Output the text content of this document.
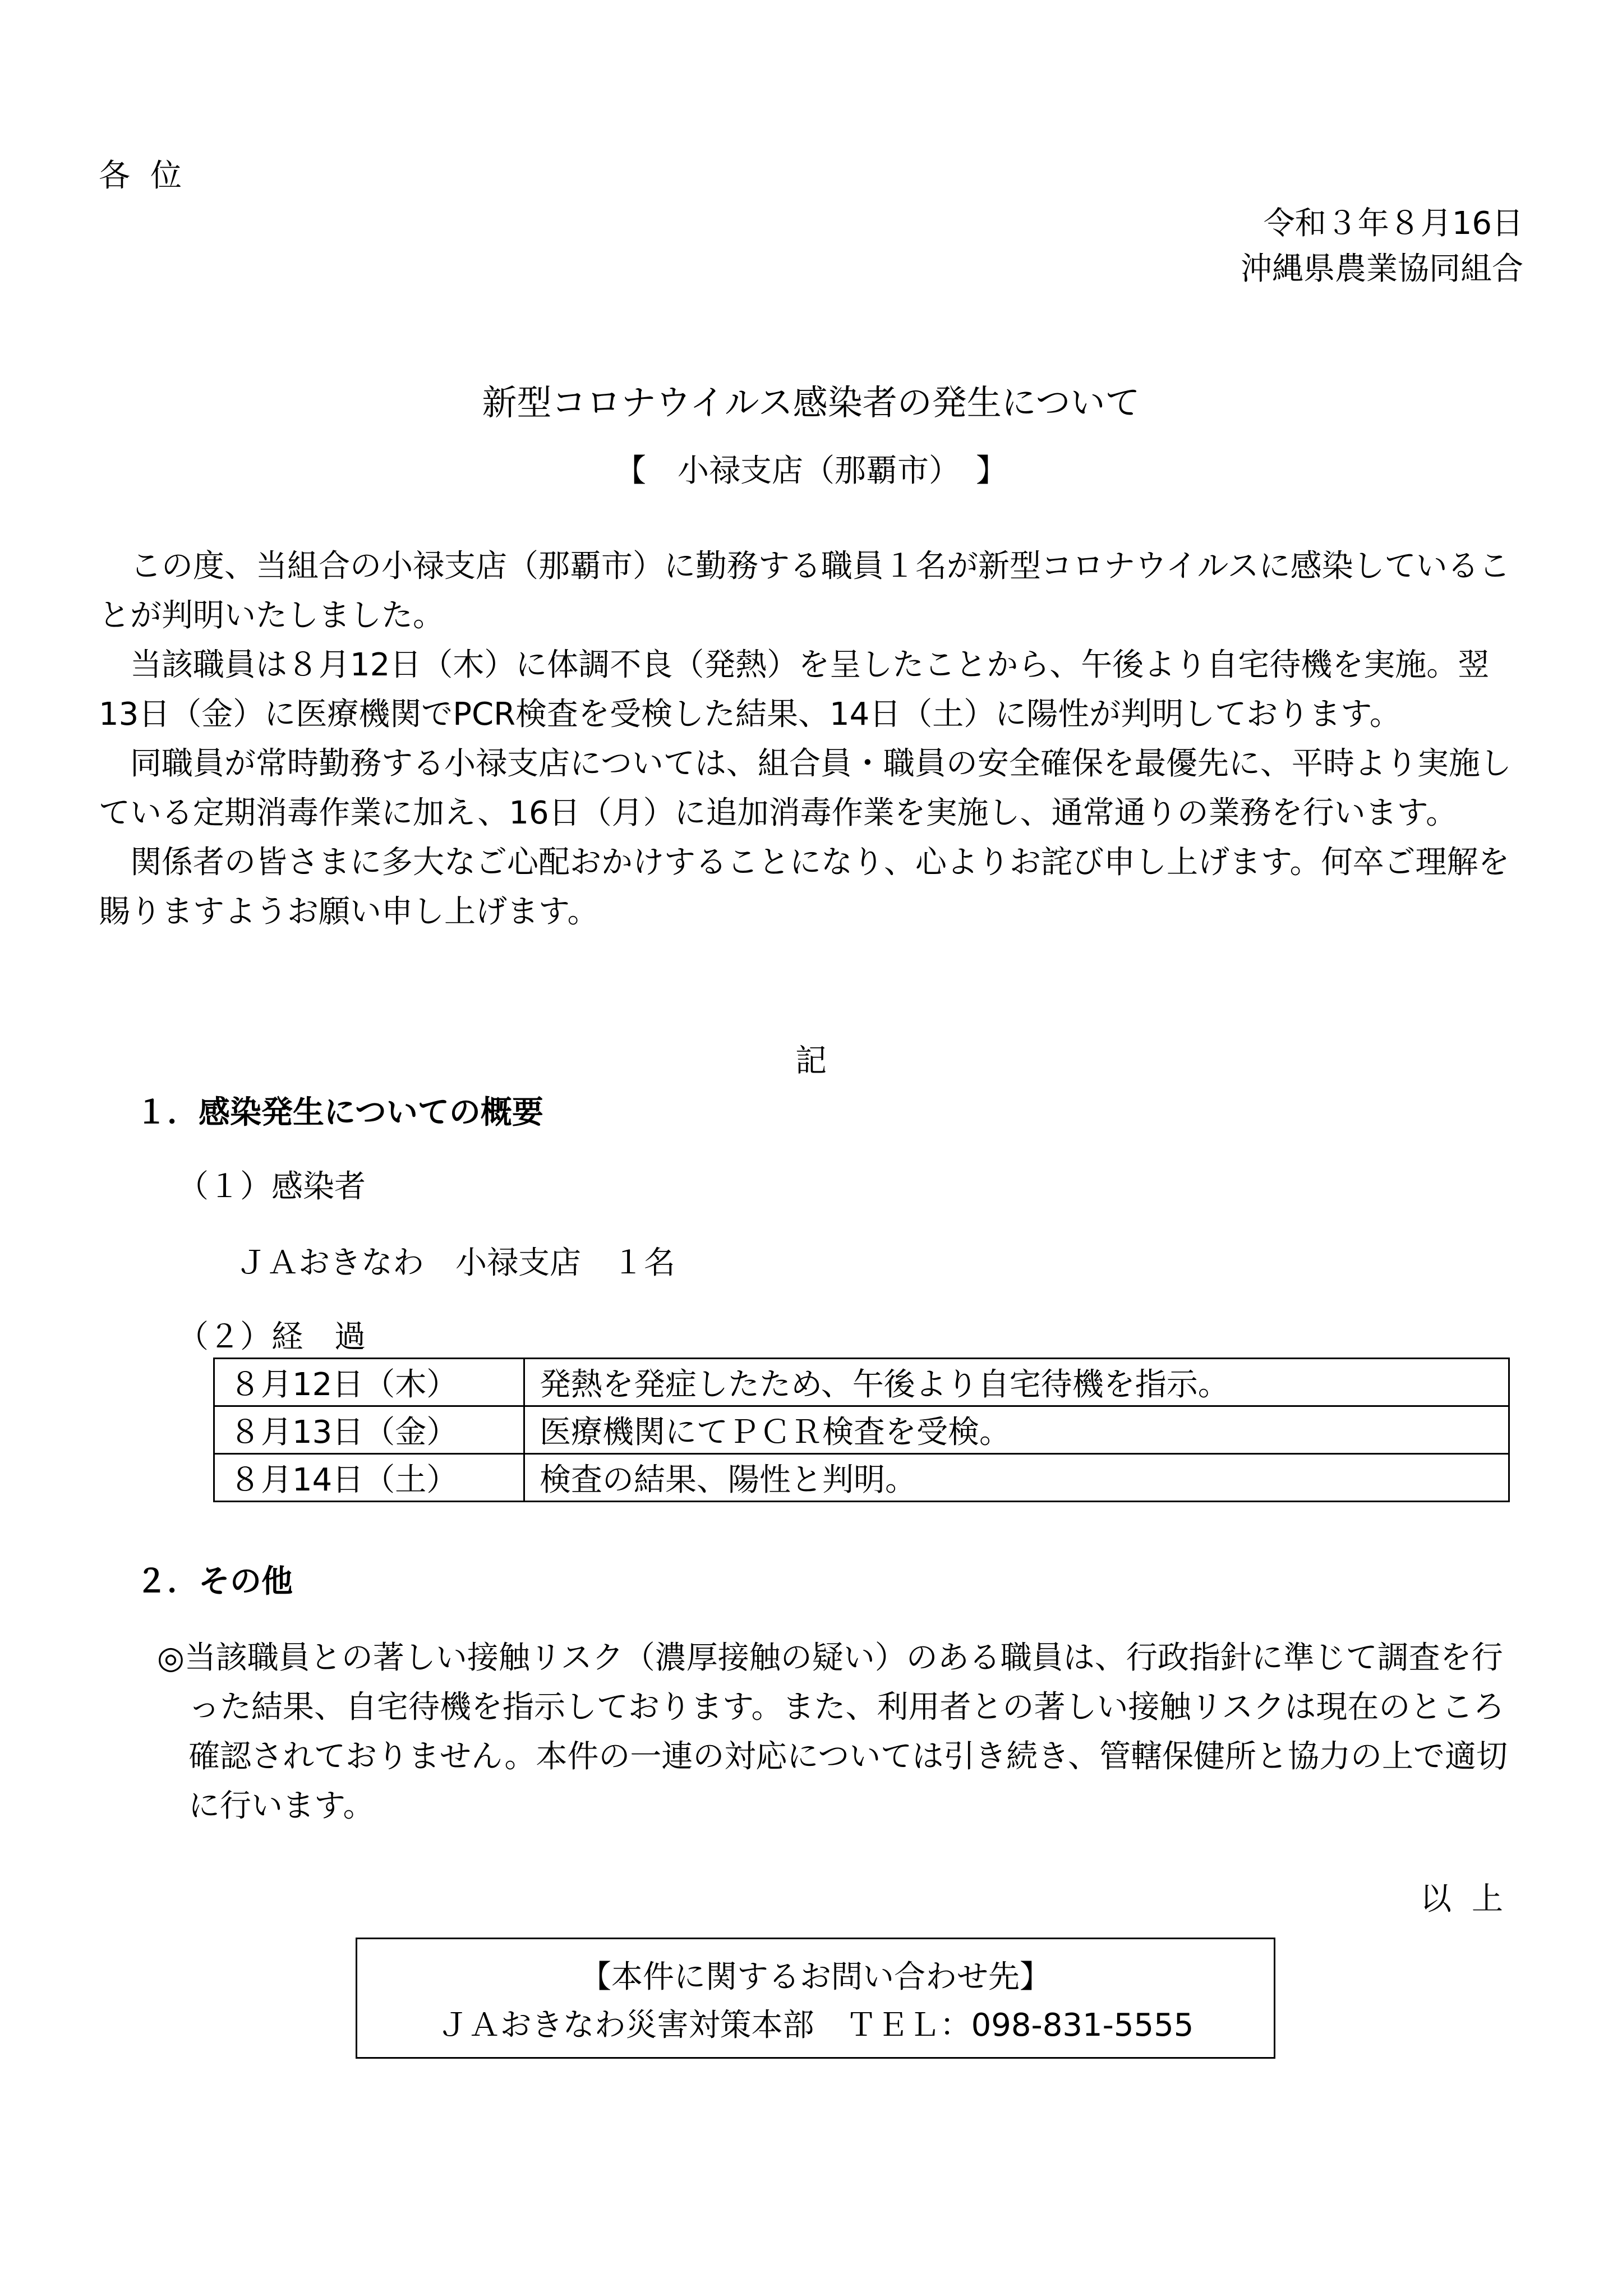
各位
令和３年８月16日
沖縄県農業協同組合
新型コロナウイルス感染者の発生について
【　小禄支店（那覇市）　】

この度、当組合の小禄支店（那覇市）に勤務する職員１名が新型コロナウイルスに感染していることが判明いたしました。

当該職員は８月12日（木）に体調不良（発熱）を呈したことから、午後より自宅待機を実施。翌13日（金）に医療機関でPCR検査を受検した結果、14日（土）に陽性が判明しております。

同職員が常時勤務する小禄支店については、組合員・職員の安全確保を最優先に、平時より実施している定期消毒作業に加え、16日（月）に追加消毒作業を実施し、通常通りの業務を行います。

関係者の皆さまに多大なご心配おかけすることになり、心よりお詫び申し上げます。何卒ご理解を賜りますようお願い申し上げます。

記
１．感染発生についての概要
（１）感染者
ＪＡおきなわ　小禄支店　１名
（２）経　過
８月12日（木）	発熱を発症したため、午後より自宅待機を指示。
８月13日（金）	医療機関にてＰＣＲ検査を受検。
８月14日（土）	検査の結果、陽性と判明。
２．その他

◎当該職員との著しい接触リスク（濃厚接触の疑い）のある職員は、行政指針に準じて調査を行った結果、自宅待機を指示しております。また、利用者との著しい接触リスクは現在のところ確認されておりません。本件の一連の対応については引き続き、管轄保健所と協力の上で適切に行います。

以上
【本件に関するお問い合わせ先】
ＪＡおきなわ災害対策本部　ＴＥＬ：098-831-5555
